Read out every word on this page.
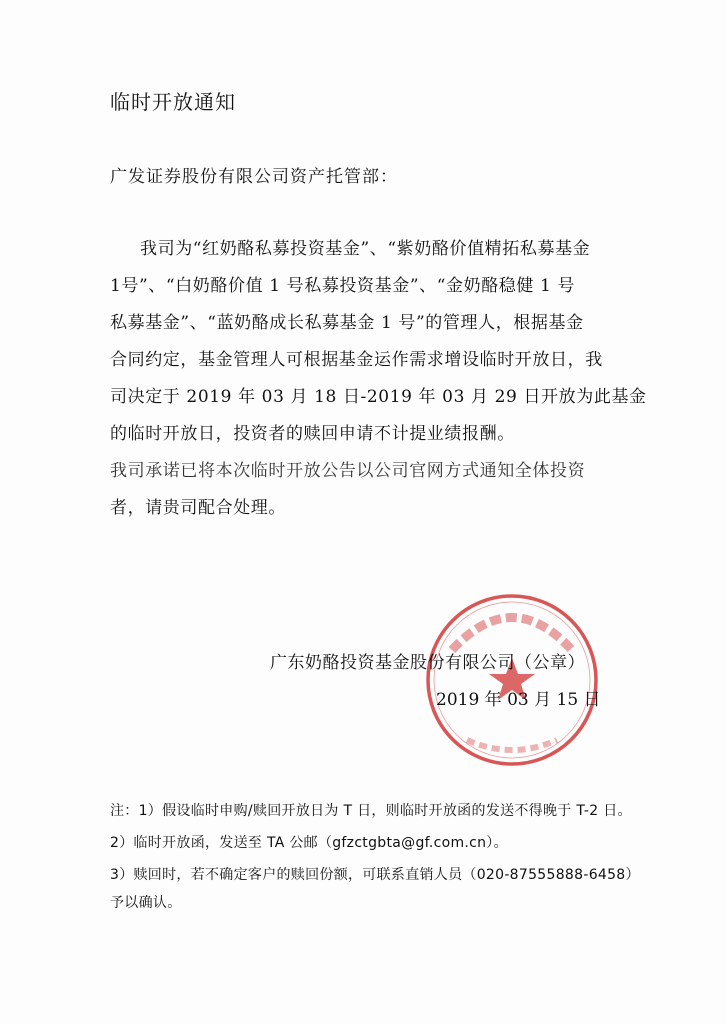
临时开放通知
广发证券股份有限公司资产托管部：
我司为“红奶酪私募投资基金”、“紫奶酪价值精拓私募基金
1号”、“白奶酪价值 1 号私募投资基金”、“金奶酪稳健 1 号
私募基金”、“蓝奶酪成长私募基金 1 号”的管理人，根据基金
合同约定，基金管理人可根据基金运作需求增设临时开放日，我
司决定于 2019 年 03 月 18 日-2019 年 03 月 29 日开放为此基金
的临时开放日，投资者的赎回申请不计提业绩报酬。
我司承诺已将本次临时开放公告以公司官网方式通知全体投资
者，请贵司配合处理。
广东奶酪投资基金股份有限公司（公章）
2019 年 03 月 15 日
注：1）假设临时申购/赎回开放日为 T 日，则临时开放函的发送不得晚于 T-2 日。
2）临时开放函，发送至 TA 公邮（gfzctgbta@gf.com.cn）。
3）赎回时，若不确定客户的赎回份额，可联系直销人员（020-87555888-6458）
予以确认。
